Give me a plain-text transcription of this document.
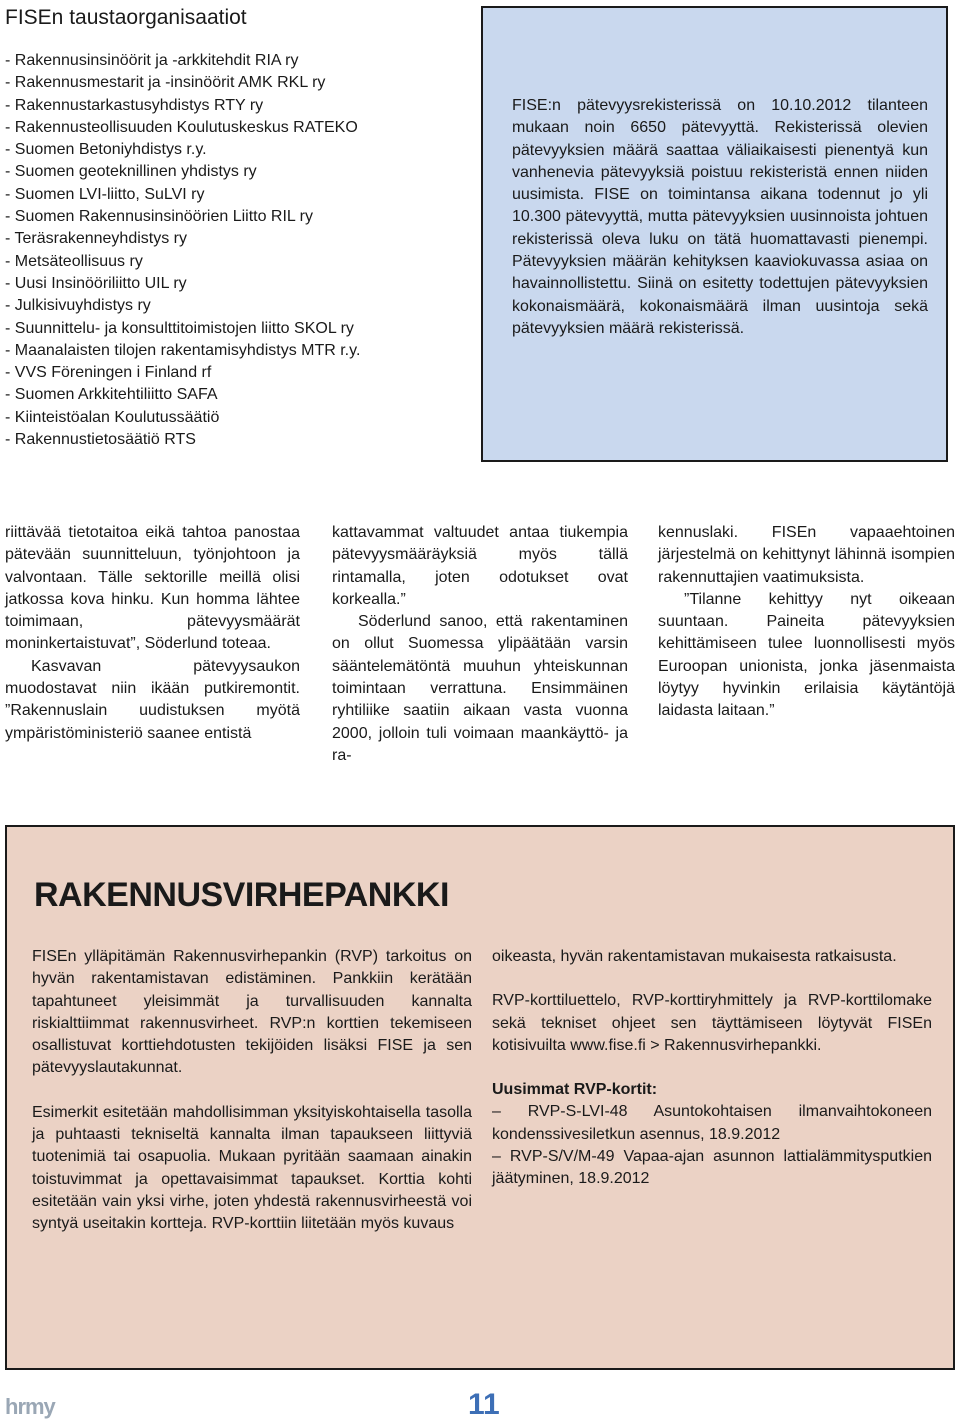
FISEn taustaorganisaatiot
- Rakennusinsinöörit ja -arkkitehdit RIA ry
- Rakennusmestarit ja -insinöörit AMK RKL ry
- Rakennustarkastusyhdistys RTY ry
- Rakennusteollisuuden Koulutuskeskus RATEKO
- Suomen Betoniyhdistys r.y.
- Suomen geoteknillinen yhdistys ry
- Suomen LVI-liitto, SuLVI ry
- Suomen Rakennusinsinöörien Liitto RIL ry
- Teräsrakenneyhdistys ry
- Metsäteollisuus ry
- Uusi Insinööriliitto UIL ry
- Julkisivuyhdistys ry
- Suunnittelu- ja konsulttitoimistojen liitto SKOL ry
- Maanalaisten tilojen rakentamisyhdistys MTR r.y.
- VVS Föreningen i Finland rf
- Suomen Arkkitehtiliitto SAFA
- Kiinteistöalan Koulutussäätiö
- Rakennustietosäätiö RTS

FISE:n pätevyysrekisterissä on 10.10.2012 tilanteen mukaan noin 6650 pätevyyttä. Rekisterissä olevien pätevyyksien määrä saattaa väliaikaisesti pienentyä kun vanhenevia pätevyyksiä poistuu rekisteristä ennen niiden uusimista. FISE on toimintansa aikana todennut jo yli 10.300 pätevyyttä, mutta pätevyyksien uusinnoista johtuen rekisterissä oleva luku on tätä huomattavasti pienempi. Pätevyyksien määrän kehityksen kaaviokuvassa asiaa on havainnollistettu. Siinä on esitetty todettujen pätevyyksien kokonaismäärä, kokonaismäärä ilman uusintoja sekä pätevyyksien määrä rekisterissä.

riittävää tietotaitoa eikä tahtoa panostaa pätevään suunnitteluun, työnjohtoon ja valvontaan. Tälle sektorille meillä olisi jatkossa kova hinku. Kun homma lähtee toimimaan, pätevyysmäärät moninkertaistuvat”, Söderlund toteaa.

Kasvavan pätevyysaukon muodostavat niin ikään putkiremontit. ”Rakennuslain uudistuksen myötä ympäristöministeriö saanee entistä

kattavammat valtuudet antaa tiukempia pätevyysmääräyksiä myös tällä rintamalla, joten odotukset ovat korkealla.”

Söderlund sanoo, että rakentaminen on ollut Suomessa ylipäätään varsin sääntelemätöntä muuhun yhteiskunnan toimintaan verrattuna. Ensimmäinen ryhtiliike saatiin aikaan vasta vuonna 2000, jolloin tuli voimaan maankäyttö- ja ra-

kennuslaki. FISEn vapaaehtoinen järjestelmä on kehittynyt lähinnä isompien rakennuttajien vaatimuksista.

”Tilanne kehittyy nyt oikeaan suuntaan. Paineita pätevyyksien kehittämiseen tulee luonnollisesti myös Euroopan unionista, jonka jäsenmaista löytyy hyvinkin erilaisia käytäntöjä laidasta laitaan.”

RAKENNUSVIRHEPANKKI

FISEn ylläpitämän Rakennusvirhepankin (RVP) tarkoitus on hyvän rakentamistavan edistäminen. Pankkiin kerätään tapahtuneet yleisimmät ja turvallisuuden kannalta riskialttiimmat rakennusvirheet. RVP:n korttien tekemiseen osallistuvat korttiehdotusten tekijöiden lisäksi FISE ja sen pätevyyslautakunnat.

Esimerkit esitetään mahdollisimman yksityiskohtaisella tasolla ja puhtaasti tekniseltä kannalta ilman tapaukseen liittyviä tuotenimiä tai osapuolia. Mukaan pyritään saamaan ainakin toistuvimmat ja opettavaisimmat tapaukset. Korttia kohti esitetään vain yksi virhe, joten yhdestä rakennusvirheestä voi syntyä useitakin kortteja. RVP-korttiin liitetään myös kuvaus

oikeasta, hyvän rakentamistavan mukaisesta ratkaisusta.

RVP-korttiluettelo, RVP-korttiryhmittely ja RVP-korttilomake sekä tekniset ohjeet sen täyttämiseen löytyvät FISEn kotisivuilta www.fise.fi > Rakennusvirhepankki.

Uusimmat RVP-kortit:

– RVP-S-LVI-48 Asuntokohtaisen ilmanvaihtokoneen kondenssivesiletkun asennus, 18.9.2012

– RVP-S/V/M-49 Vapaa-ajan asunnon lattialämmitysputkien jäätyminen, 18.9.2012

hrmy	11
